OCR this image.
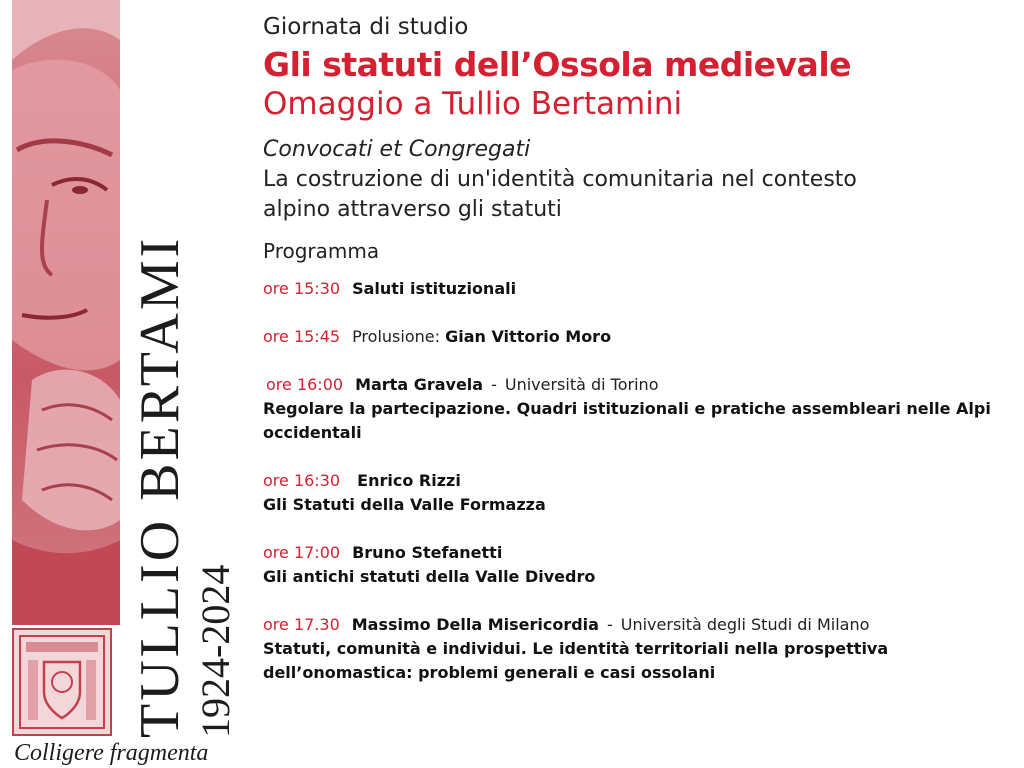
TULLIO BERTAMI 1924-2024
Colligere fragmenta
Giornata di studio
Gli statuti dell’Ossola medievale
Omaggio a Tullio Bertamini
Convocati et Congregati
La costruzione di un'identità comunitaria nel contesto
alpino attraverso gli statuti
Programma
ore 15:30 Saluti istituzionali
ore 15:45 Prolusione: Gian Vittorio Moro
ore 16:00 Marta Gravela - Università di Torino
Regolare la partecipazione. Quadri istituzionali e pratiche assembleari nelle Alpi
occidentali
ore 16:30 Enrico Rizzi
Gli Statuti della Valle Formazza
ore 17:00 Bruno Stefanetti
Gli antichi statuti della Valle Divedro
ore 17.30 Massimo Della Misericordia - Università degli Studi di Milano
Statuti, comunità e individui. Le identità territoriali nella prospettiva
dell’onomastica: problemi generali e casi ossolani
